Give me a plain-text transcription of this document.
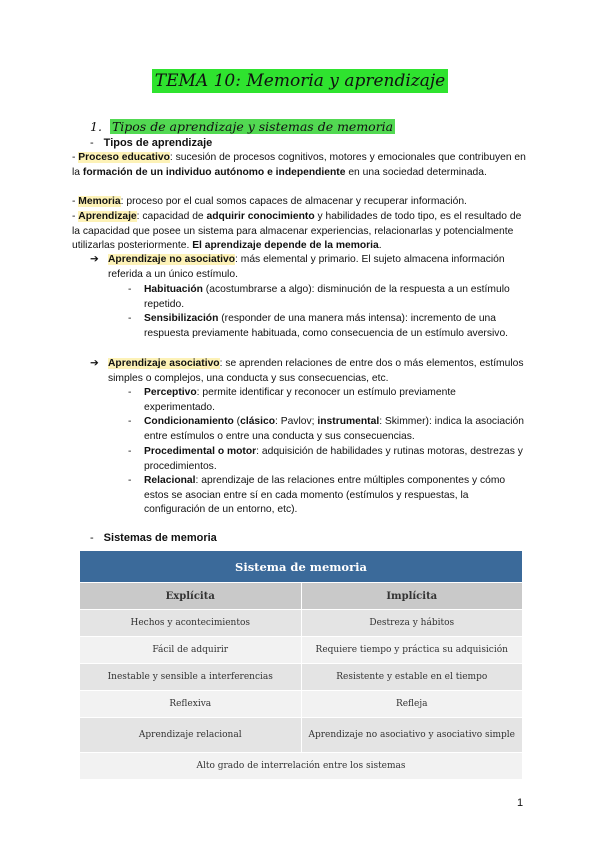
TEMA 10: Memoria y aprendizaje
1. Tipos de aprendizaje y sistemas de memoria
- Tipos de aprendizaje
- Proceso educativo: sucesión de procesos cognitivos, motores y emocionales que contribuyen en la formación de un individuo autónomo e independiente en una sociedad determinada.
- Memoria: proceso por el cual somos capaces de almacenar y recuperar información.
- Aprendizaje: capacidad de adquirir conocimiento y habilidades de todo tipo, es el resultado de la capacidad que posee un sistema para almacenar experiencias, relacionarlas y potencialmente utilizarlas posteriormente. El aprendizaje depende de la memoria.
➔ Aprendizaje no asociativo: más elemental y primario. El sujeto almacena información referida a un único estímulo.
- Habituación (acostumbrarse a algo): disminución de la respuesta a un estímulo repetido.
- Sensibilización (responder de una manera más intensa): incremento de una respuesta previamente habituada, como consecuencia de un estímulo aversivo.
➔ Aprendizaje asociativo: se aprenden relaciones de entre dos o más elementos, estímulos simples o complejos, una conducta y sus consecuencias, etc.
- Perceptivo: permite identificar y reconocer un estímulo previamente experimentado.
- Condicionamiento (clásico: Pavlov; instrumental: Skimmer): indica la asociación entre estímulos o entre una conducta y sus consecuencias.
- Procedimental o motor: adquisición de habilidades y rutinas motoras, destrezas y procedimientos.
- Relacional: aprendizaje de las relaciones entre múltiples componentes y cómo estos se asocian entre sí en cada momento (estímulos y respuestas, la configuración de un entorno, etc).
- Sistemas de memoria
Sistema de memoria	
Explícita	Implícita
Hechos y acontecimientos	Destreza y hábitos
Fácil de adquirir	Requiere tiempo y práctica su adquisición
Inestable y sensible a interferencias	Resistente y estable en el tiempo
Reflexiva	Refleja
Aprendizaje relacional	Aprendizaje no asociativo y asociativo simple
Alto grado de interrelación entre los sistemas	
1
